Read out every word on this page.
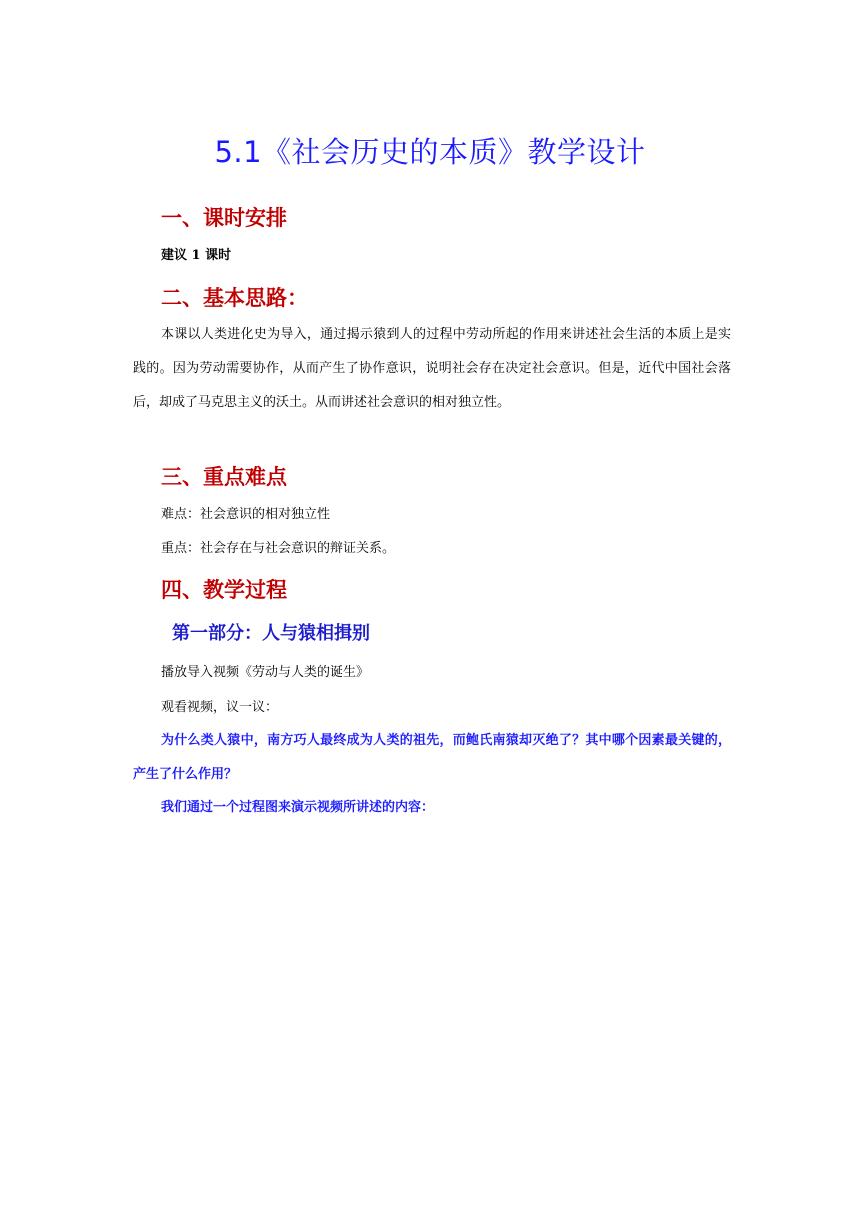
5.1《社会历史的本质》教学设计
一、课时安排
建议 1 课时
二、基本思路：
本课以人类进化史为导入，通过揭示猿到人的过程中劳动所起的作用来讲述社会生活的本质上是实践的。因为劳动需要协作，从而产生了协作意识，说明社会存在决定社会意识。但是，近代中国社会落后，却成了马克思主义的沃土。从而讲述社会意识的相对独立性。
三、重点难点
难点：社会意识的相对独立性
重点：社会存在与社会意识的辩证关系。
四、教学过程
第一部分：人与猿相揖别
播放导入视频《劳动与人类的诞生》
观看视频，议一议：
为什么类人猿中，南方巧人最终成为人类的祖先，而鲍氏南猿却灭绝了？其中哪个因素最关键的，产生了什么作用？
我们通过一个过程图来演示视频所讲述的内容：
